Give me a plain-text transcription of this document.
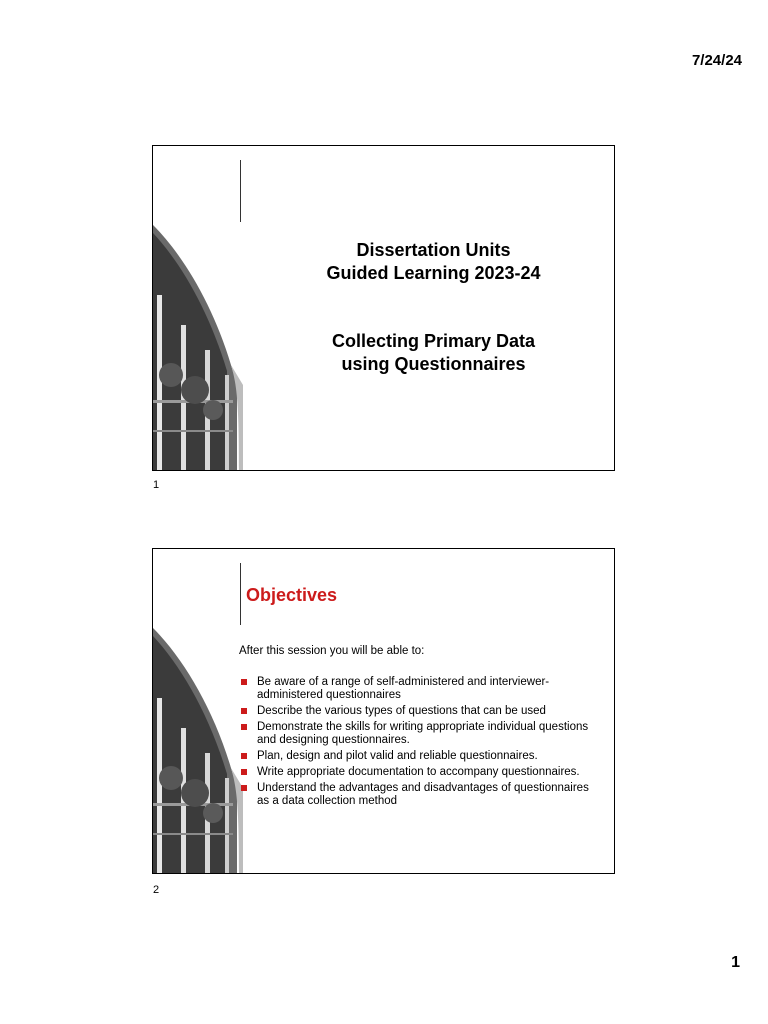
7/24/24
Dissertation Units
Guided Learning 2023-24
Collecting Primary Data
using Questionnaires
1
Objectives
After this session you will be able to:
Be aware of a range of self-administered and interviewer-administered questionnaires
Describe the various types of questions that can be used
Demonstrate the skills for writing appropriate individual questions and designing questionnaires.
Plan, design and pilot valid and reliable questionnaires.
Write appropriate documentation to accompany questionnaires.
Understand the advantages and disadvantages of questionnaires as a data collection method
2
1
